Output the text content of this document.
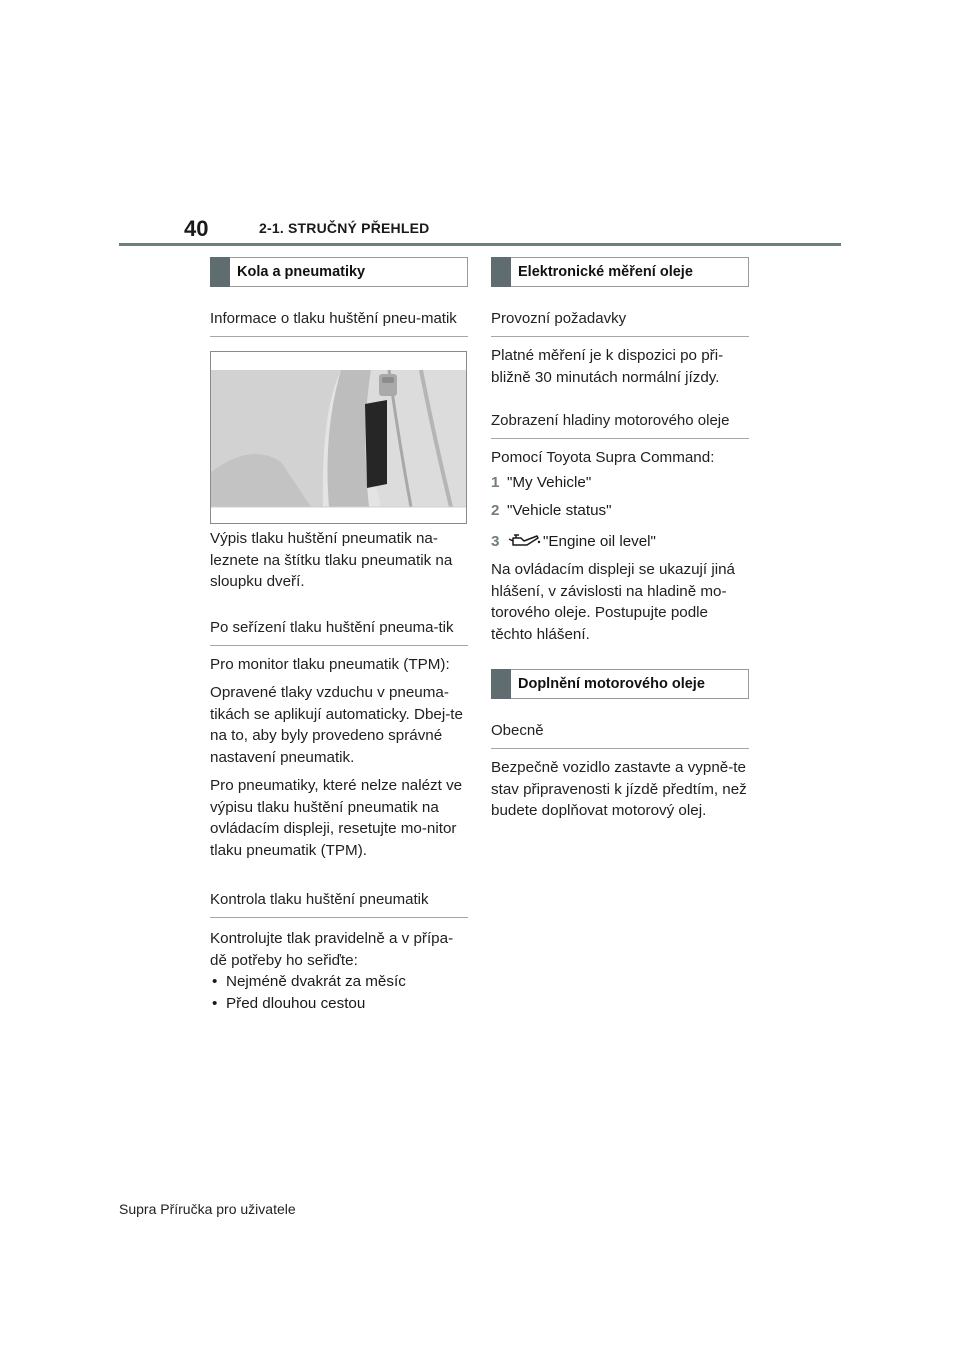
40	2-1. STRUČNÝ PŘEHLED
Kola a pneumatiky
Informace o tlaku huštění pneu-matik

Výpis tlaku huštění pneumatik na-leznete na štítku tlaku pneumatik na sloupku dveří.

Po seřízení tlaku huštění pneuma-tik

Pro monitor tlaku pneumatik (TPM):

Opravené tlaky vzduchu v pneuma-tikách se aplikují automaticky. Dbej-te na to, aby byly provedeno správné nastavení pneumatik.

Pro pneumatiky, které nelze nalézt ve výpisu tlaku huštění pneumatik na ovládacím displeji, resetujte mo-nitor tlaku pneumatik (TPM).

Kontrola tlaku huštění pneumatik

Kontrolujte tlak pravidelně a v přípa-dě potřeby ho seřiďte:

• Nejméně dvakrát za měsíc
• Před dlouhou cestou
Elektronické měření oleje
Provozní požadavky

Platné měření je k dispozici po při-bližně 30 minutách normální jízdy.

Zobrazení hladiny motorového oleje

Pomocí Toyota Supra Command:

1 "My Vehicle"
2 "Vehicle status"
3	"Engine oil level"

Na ovládacím displeji se ukazují jiná hlášení, v závislosti na hladině mo-torového oleje. Postupujte podle těchto hlášení.

Doplnění motorového oleje
Obecně

Bezpečně vozidlo zastavte a vypně-te stav připravenosti k jízdě předtím, než budete doplňovat motorový olej.

Supra Příručka pro uživatele
